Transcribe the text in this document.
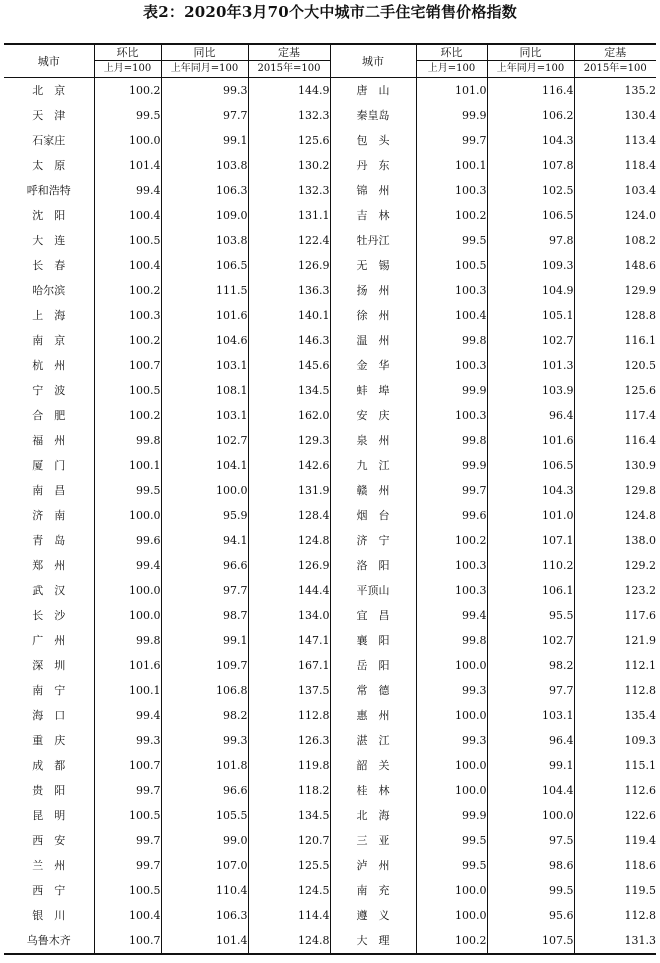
表2：2020年3月70个大中城市二手住宅销售价格指数
城市	环比	同比	定基	城市	环比	同比	定基
	上月=100	上年同月=100	2015年=100		上月=100	上年同月=100	2015年=100
北　京	100.2	99.3	144.9	唐　山	101.0	116.4	135.2
天　津	99.5	97.7	132.3	秦皇岛	99.9	106.2	130.4
石家庄	100.0	99.1	125.6	包　头	99.7	104.3	113.4
太　原	101.4	103.8	130.2	丹　东	100.1	107.8	118.4
呼和浩特	99.4	106.3	132.3	锦　州	100.3	102.5	103.4
沈　阳	100.4	109.0	131.1	吉　林	100.2	106.5	124.0
大　连	100.5	103.8	122.4	牡丹江	99.5	97.8	108.2
长　春	100.4	106.5	126.9	无　锡	100.5	109.3	148.6
哈尔滨	100.2	111.5	136.3	扬　州	100.3	104.9	129.9
上　海	100.3	101.6	140.1	徐　州	100.4	105.1	128.8
南　京	100.2	104.6	146.3	温　州	99.8	102.7	116.1
杭　州	100.7	103.1	145.6	金　华	100.3	101.3	120.5
宁　波	100.5	108.1	134.5	蚌　埠	99.9	103.9	125.6
合　肥	100.2	103.1	162.0	安　庆	100.3	96.4	117.4
福　州	99.8	102.7	129.3	泉　州	99.8	101.6	116.4
厦　门	100.1	104.1	142.6	九　江	99.9	106.5	130.9
南　昌	99.5	100.0	131.9	赣　州	99.7	104.3	129.8
济　南	100.0	95.9	128.4	烟　台	99.6	101.0	124.8
青　岛	99.6	94.1	124.8	济　宁	100.2	107.1	138.0
郑　州	99.4	96.6	126.9	洛　阳	100.3	110.2	129.2
武　汉	100.0	97.7	144.4	平顶山	100.3	106.1	123.2
长　沙	100.0	98.7	134.0	宜　昌	99.4	95.5	117.6
广　州	99.8	99.1	147.1	襄　阳	99.8	102.7	121.9
深　圳	101.6	109.7	167.1	岳　阳	100.0	98.2	112.1
南　宁	100.1	106.8	137.5	常　德	99.3	97.7	112.8
海　口	99.4	98.2	112.8	惠　州	100.0	103.1	135.4
重　庆	99.3	99.3	126.3	湛　江	99.3	96.4	109.3
成　都	100.7	101.8	119.8	韶　关	100.0	99.1	115.1
贵　阳	99.7	96.6	118.2	桂　林	100.0	104.4	112.6
昆　明	100.5	105.5	134.5	北　海	99.9	100.0	122.6
西　安	99.7	99.0	120.7	三　亚	99.5	97.5	119.4
兰　州	99.7	107.0	125.5	泸　州	99.5	98.6	118.6
西　宁	100.5	110.4	124.5	南　充	100.0	99.5	119.5
银　川	100.4	106.3	114.4	遵　义	100.0	95.6	112.8
乌鲁木齐	100.7	101.4	124.8	大　理	100.2	107.5	131.3
